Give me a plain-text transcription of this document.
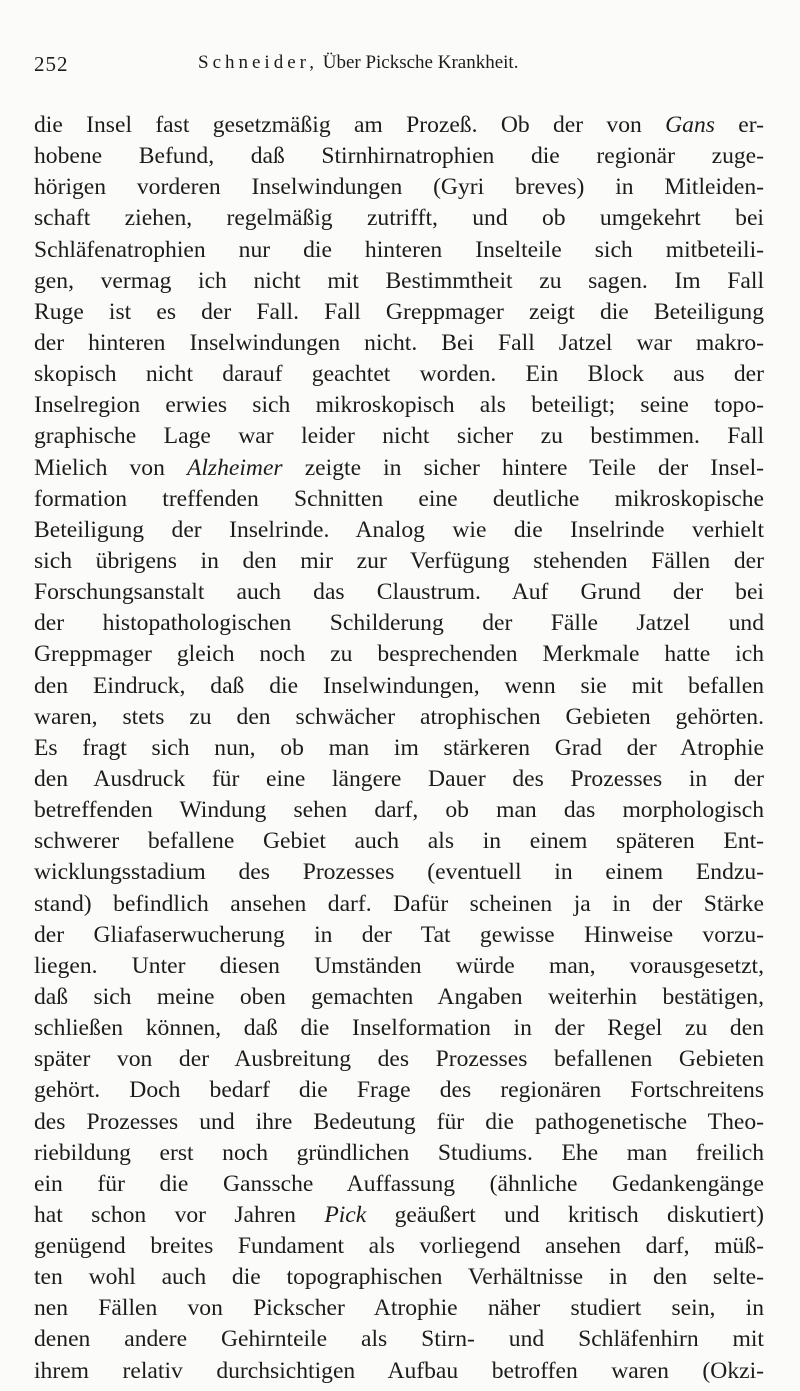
252	Schneider, Über Picksche Krankheit.
die Insel fast gesetzmäßig am Prozeß. Ob der von Gans er-
hobene Befund, daß Stirnhirnatrophien die regionär zuge-
hörigen vorderen Inselwindungen (Gyri breves) in Mitleiden-
schaft ziehen, regelmäßig zutrifft, und ob umgekehrt bei
Schläfenatrophien nur die hinteren Inselteile sich mitbeteili-
gen, vermag ich nicht mit Bestimmtheit zu sagen. Im Fall
Ruge ist es der Fall. Fall Greppmager zeigt die Beteiligung
der hinteren Inselwindungen nicht. Bei Fall Jatzel war makro-
skopisch nicht darauf geachtet worden. Ein Block aus der
Inselregion erwies sich mikroskopisch als beteiligt; seine topo-
graphische Lage war leider nicht sicher zu bestimmen. Fall
Mielich von Alzheimer zeigte in sicher hintere Teile der Insel-
formation treffenden Schnitten eine deutliche mikroskopische
Beteiligung der Inselrinde. Analog wie die Inselrinde verhielt
sich übrigens in den mir zur Verfügung stehenden Fällen der
Forschungsanstalt auch das Claustrum. Auf Grund der bei
der histopathologischen Schilderung der Fälle Jatzel und
Greppmager gleich noch zu besprechenden Merkmale hatte ich
den Eindruck, daß die Inselwindungen, wenn sie mit befallen
waren, stets zu den schwächer atrophischen Gebieten gehörten.
Es fragt sich nun, ob man im stärkeren Grad der Atrophie
den Ausdruck für eine längere Dauer des Prozesses in der
betreffenden Windung sehen darf, ob man das morphologisch
schwerer befallene Gebiet auch als in einem späteren Ent-
wicklungsstadium des Prozesses (eventuell in einem Endzu-
stand) befindlich ansehen darf. Dafür scheinen ja in der Stärke
der Gliafaserwucherung in der Tat gewisse Hinweise vorzu-
liegen. Unter diesen Umständen würde man, vorausgesetzt,
daß sich meine oben gemachten Angaben weiterhin bestätigen,
schließen können, daß die Inselformation in der Regel zu den
später von der Ausbreitung des Prozesses befallenen Gebieten
gehört. Doch bedarf die Frage des regionären Fortschreitens
des Prozesses und ihre Bedeutung für die pathogenetische Theo-
riebildung erst noch gründlichen Studiums. Ehe man freilich
ein für die Ganssche Auffassung (ähnliche Gedankengänge
hat schon vor Jahren Pick geäußert und kritisch diskutiert)
genügend breites Fundament als vorliegend ansehen darf, müß-
ten wohl auch die topographischen Verhältnisse in den selte-
nen Fällen von Pickscher Atrophie näher studiert sein, in
denen andere Gehirnteile als Stirn- und Schläfenhirn mit
ihrem relativ durchsichtigen Aufbau betroffen waren (Okzi-
